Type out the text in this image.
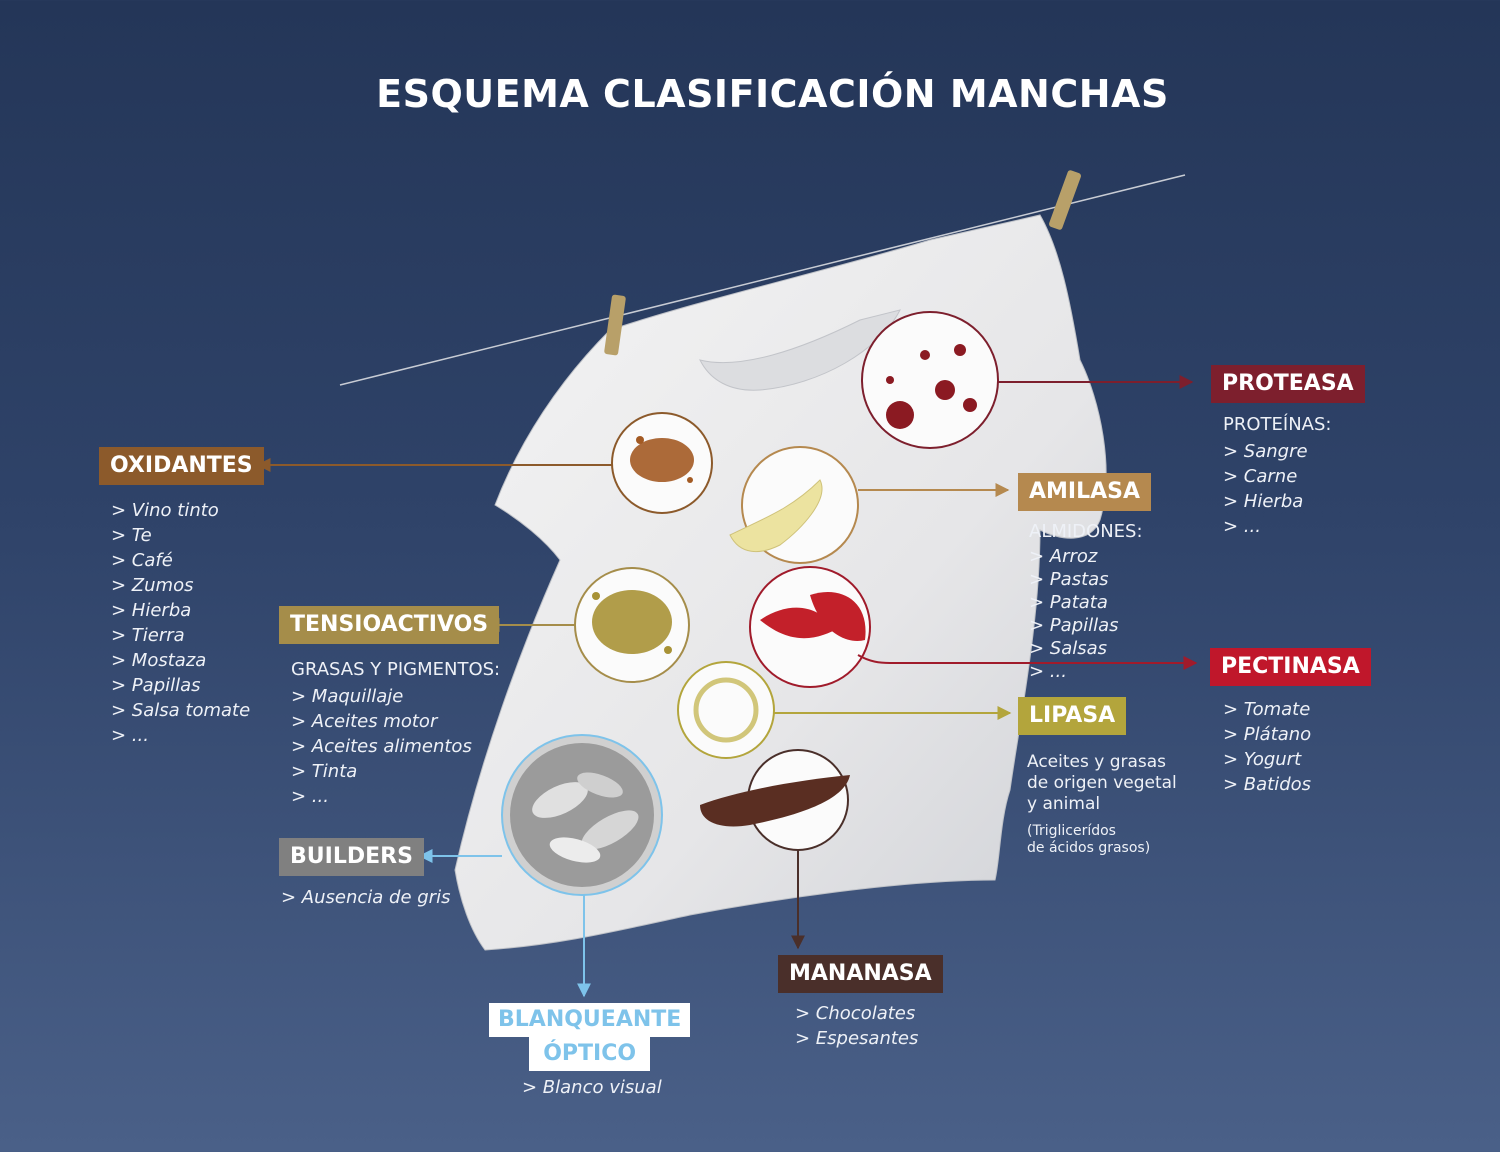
ESQUEMA CLASIFICACIÓN MANCHAS
OXIDANTES
> Vino tinto
> Te
> Café
> Zumos
> Hierba
> Tierra
> Mostaza
> Papillas
> Salsa tomate
> ...
TENSIOACTIVOS
GRASAS Y PIGMENTOS:
> Maquillaje
> Aceites motor
> Aceites alimentos
> Tinta
> ...
BUILDERS
> Ausencia de gris
BLANQUEANTE
ÓPTICO
> Blanco visual
MANANASA
> Chocolates
> Espesantes
PROTEASA
PROTEÍNAS:
> Sangre
> Carne
> Hierba
> ...
AMILASA
ALMIDONES:
> Arroz
> Pastas
> Patata
> Papillas
> Salsas
> ...	PECTINASA
> Tomate
> Plátano
> Yogurt
> Batidos
LIPASA
Aceites y grasas
de origen vegetal
y animal
(Triglicerídos
de ácidos grasos)
